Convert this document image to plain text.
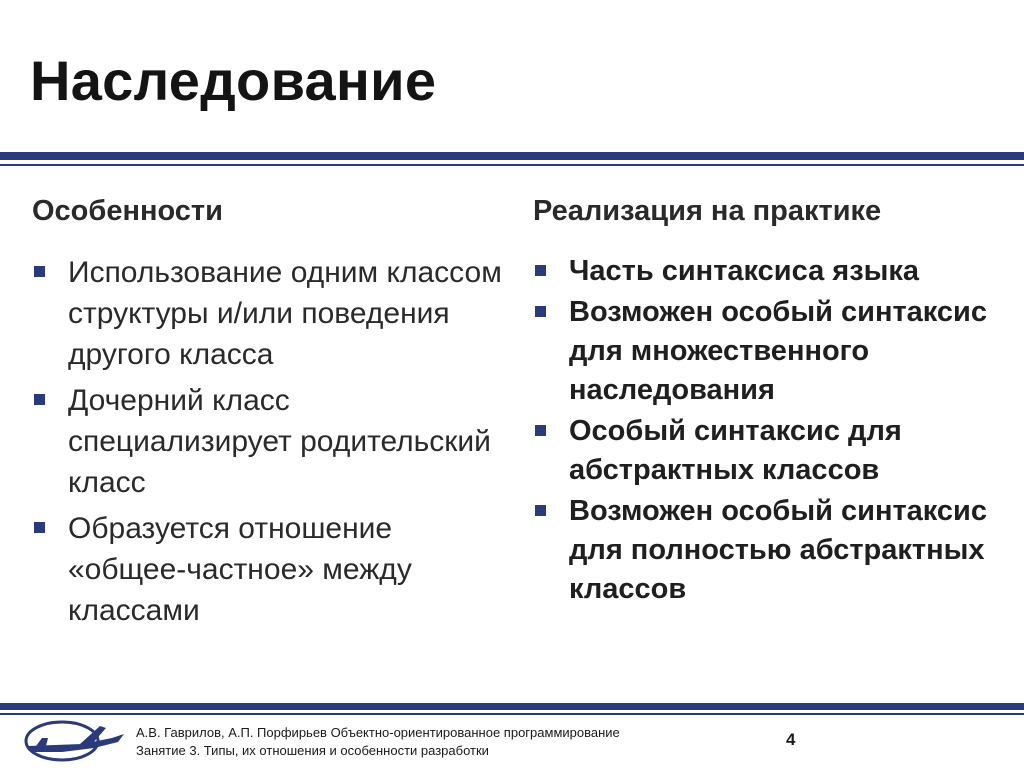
Наследование
Особенности
Использование одним классом структуры и/или поведения другого класса
Дочерний класс специализирует родительский класс
Образуется отношение «общее-частное» между классами
Реализация на практике
Часть синтаксиса языка
Возможен особый синтаксис для множественного наследования
Особый синтаксис для абстрактных классов
Возможен особый синтаксис для полностью абстрактных классов
А.В. Гаврилов, А.П. Порфирьев Объектно-ориентированное программирование
Занятие 3. Типы, их отношения и особенности разработки
4
